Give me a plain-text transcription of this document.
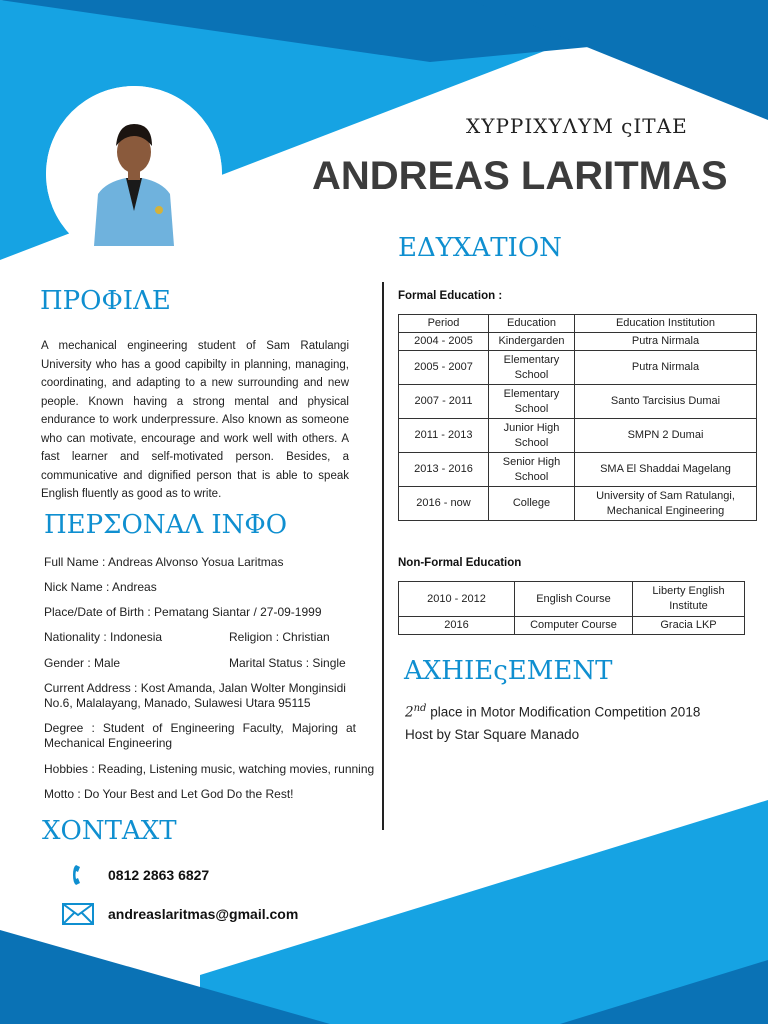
ΧΥΡΡΙΧΥΛΥΜ ςΙΤΑΕ
ANDREAS LARITMAS
ΠΡΟΦΙΛΕ
A mechanical engineering student of Sam Ratulangi University who has a good capibilty in planning, managing, coordinating, and adapting to a new surrounding and new people. Known having a strong mental and physical endurance to work underpressure. Also known as someone who can motivate, encourage and work well with others. A fast learner and self-motivated person. Besides, a communicative and dignified person that is able to speak English fluently as good as to write.
ΠΕΡΣΟΝΑΛ ΙΝΦΟ
Full Name : Andreas Alvonso Yosua Laritmas
Nick Name : Andreas
Place/Date of Birth : Pematang Siantar / 27-09-1999
Nationality : Indonesia	Religion : Christian
Gender : Male	Marital Status : Single
Current Address : Kost Amanda, Jalan Wolter Monginsidi No.6, Malalayang, Manado, Sulawesi Utara 95115
Degree : Student of Engineering Faculty, Majoring at Mechanical Engineering
Hobbies : Reading, Listening music, watching movies, running
Motto : Do Your Best and Let God Do the Rest!
ΧΟΝΤΑΧΤ
0812 2863 6827
andreaslaritmas@gmail.com
ΕΔΥΧΑΤΙΟΝ
Formal Education :
Period	Education	Education Institution
2004 - 2005	Kindergarden	Putra Nirmala
2005 - 2007	Elementary School	Putra Nirmala
2007 - 2011	Elementary School	Santo Tarcisius Dumai
2011 - 2013	Junior High School	SMPN 2 Dumai
2013 - 2016	Senior High School	SMA El Shaddai Magelang
2016 - now	College	University of Sam Ratulangi, Mechanical Engineering
Non-Formal Education
2010 - 2012	English Course	Liberty English Institute
2016	Computer Course	Gracia LKP
ΑΧΗΙΕςΕΜΕΝΤ
2nd place in Motor Modification Competition 2018
Host by Star Square Manado
